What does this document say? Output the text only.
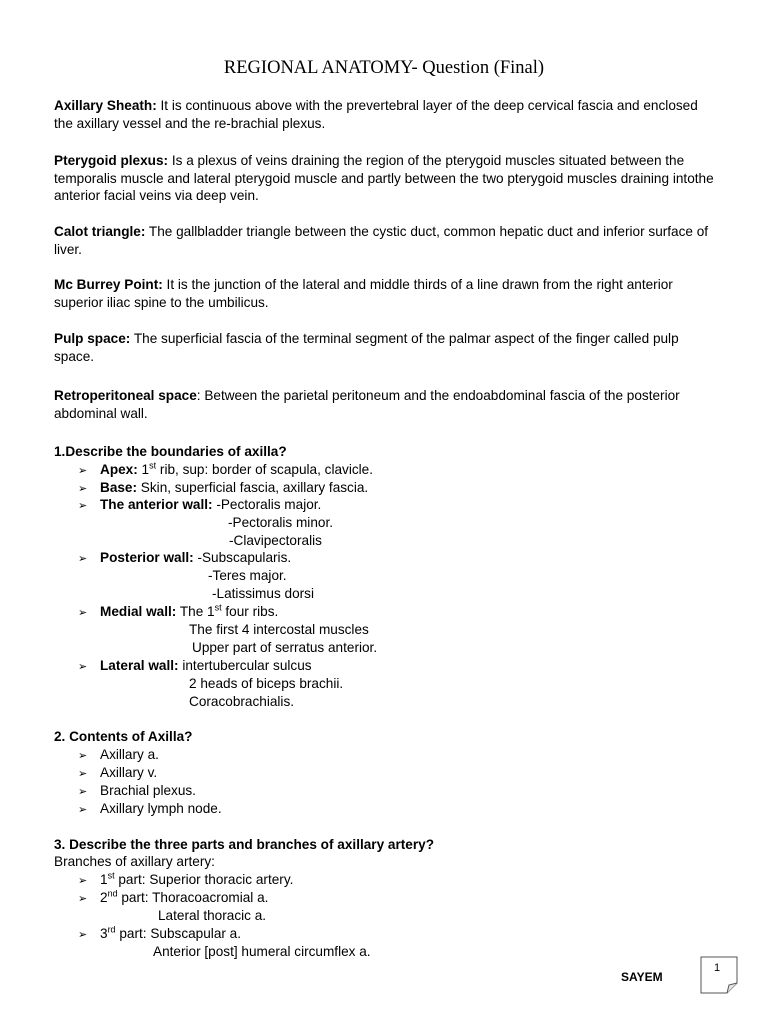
REGIONAL ANATOMY- Question (Final)
Axillary Sheath: It is continuous above with the prevertebral layer of the deep cervical fascia and enclosed the axillary vessel and the re-brachial plexus.
Pterygoid plexus: Is a plexus of veins draining the region of the pterygoid muscles situated between the temporalis muscle and lateral pterygoid muscle and partly between the two pterygoid muscles draining intothe anterior facial veins via deep vein.
Calot triangle: The gallbladder triangle between the cystic duct, common hepatic duct and inferior surface of liver.
Mc Burrey Point: It is the junction of the lateral and middle thirds of a line drawn from the right anterior superior iliac spine to the umbilicus.
Pulp space: The superficial fascia of the terminal segment of the palmar aspect of the finger called pulp space.
Retroperitoneal space: Between the parietal peritoneum and the endoabdominal fascia of the posterior abdominal wall.
1.Describe the boundaries of axilla?
➢ Apex: 1st rib, sup: border of scapula, clavicle.
➢ Base: Skin, superficial fascia, axillary fascia.
➢ The anterior wall: -Pectoralis major.
-Pectoralis minor.
-Clavipectoralis
➢ Posterior wall: -Subscapularis.
-Teres major.
-Latissimus dorsi
➢ Medial wall: The 1st four ribs.
The first 4 intercostal muscles
Upper part of serratus anterior.
➢ Lateral wall: intertubercular sulcus
2 heads of biceps brachii.
Coracobrachialis.
2. Contents of Axilla?
➢ Axillary a.
➢ Axillary v.
➢ Brachial plexus.
➢ Axillary lymph node.
3. Describe the three parts and branches of axillary artery?
Branches of axillary artery:
➢ 1st part: Superior thoracic artery.
➢ 2nd part: Thoracoacromial a.
Lateral thoracic a.
➢ 3rd part: Subscapular a.
Anterior [post] humeral circumflex a.
SAYEM
1
